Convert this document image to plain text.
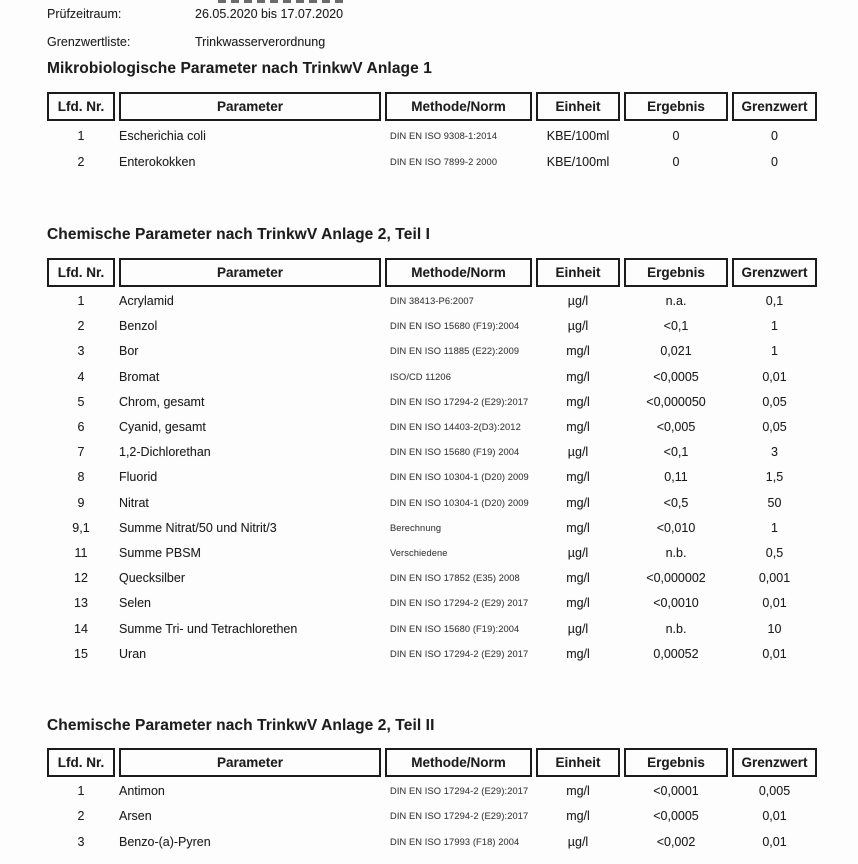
Prüfzeitraum:	26.05.2020 bis 17.07.2020
Grenzwertliste:	Trinkwasserverordnung
Mikrobiologische Parameter nach TrinkwV Anlage 1
Lfd. Nr.	Parameter	Methode/Norm	Einheit	Ergebnis	Grenzwert
1	Escherichia coli	DIN EN ISO 9308-1:2014	KBE/100ml	0	0
2	Enterokokken	DIN EN ISO 7899-2 2000	KBE/100ml	0	0
Chemische Parameter nach TrinkwV Anlage 2, Teil I
Lfd. Nr.	Parameter	Methode/Norm	Einheit	Ergebnis	Grenzwert
1	Acrylamid	DIN 38413-P6:2007	µg/l	n.a.	0,1
2	Benzol	DIN EN ISO 15680 (F19):2004	µg/l	<0,1	1
3	Bor	DIN EN ISO 11885 (E22):2009	mg/l	0,021	1
4	Bromat	ISO/CD 11206	mg/l	<0,0005	0,01
5	Chrom, gesamt	DIN EN ISO 17294-2 (E29):2017	mg/l	<0,000050	0,05
6	Cyanid, gesamt	DIN EN ISO 14403-2(D3):2012	mg/l	<0,005	0,05
7	1,2-Dichlorethan	DIN EN ISO 15680 (F19) 2004	µg/l	<0,1	3
8	Fluorid	DIN EN ISO 10304-1 (D20) 2009	mg/l	0,11	1,5
9	Nitrat	DIN EN ISO 10304-1 (D20) 2009	mg/l	<0,5	50
9,1	Summe Nitrat/50 und Nitrit/3	Berechnung	mg/l	<0,010	1
11	Summe PBSM	Verschiedene	µg/l	n.b.	0,5
12	Quecksilber	DIN EN ISO 17852 (E35) 2008	mg/l	<0,000002	0,001
13	Selen	DIN EN ISO 17294-2 (E29) 2017	mg/l	<0,0010	0,01
14	Summe Tri- und Tetrachlorethen	DIN EN ISO 15680 (F19):2004	µg/l	n.b.	10
15	Uran	DIN EN ISO 17294-2 (E29) 2017	mg/l	0,00052	0,01
Chemische Parameter nach TrinkwV Anlage 2, Teil II
Lfd. Nr.	Parameter	Methode/Norm	Einheit	Ergebnis	Grenzwert
1	Antimon	DIN EN ISO 17294-2 (E29):2017	mg/l	<0,0001	0,005
2	Arsen	DIN EN ISO 17294-2 (E29):2017	mg/l	<0,0005	0,01
3	Benzo-(a)-Pyren	DIN EN ISO 17993 (F18) 2004	µg/l	<0,002	0,01
